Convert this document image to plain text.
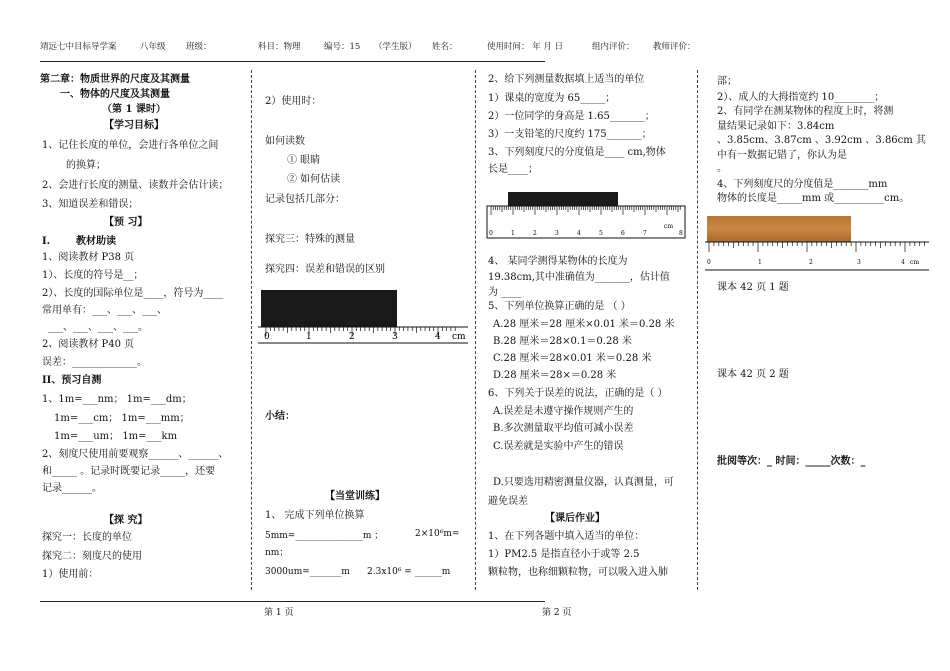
靖远七中目标导学案	八年级 班级：	科目：物理	编号：15 （学生版） 姓名：	使用时间： 年 月 日	组内评价： 教师评价：
第二章：物质世界的尺度及其测量
一、物体的尺度及其测量
（第 1 课时）
【学习目标】
1、记住长度的单位，会进行各单位之间
的换算；
2、会进行长度的测量、读数并会估计读；
3、知道误差和错误；
【预 习】
I.	教材助读
1、阅读教材 P38 页
1）、长度的符号是__；
2）、长度的国际单位是____，符号为____
常用单有：___、___、___、
___、___、___、___。
2、阅读教材 P40 页
误差：_____________。
II、预习自测
1、1m=___nm； 1m=___dm；
1m=___cm； 1m=___mm；
1m=___um； 1m=___km
2、刻度尺使用前要观察______、______、
和_____ 。记录时既要记录_____，还要
记录______。
【探 究】
探究一：长度的单位
探究二：刻度尺的使用
1）使用前：
2）使用时：
如何读数
① 眼睛
② 如何估读
记录包括几部分：
探究三：特殊的测量
探究四：误差和错误的区别
0	1	2	3	4 cm
小结：
【当堂训练】
1、 完成下列单位换算
5mm=_______________m ；	2×10⁶m=
nm；
3000um=_______m 2.3x10⁶ = ______m
2、给下列测量数据填上适当的单位
1）课桌的宽度为 65_____；
2）一位同学的身高是 1.65_______；
3）一支铅笔的尺度约 175_______；
3、下列刻度尺的分度值是____ cm,物体
长是____；
0	1	2	3	4	5	6	7	8
cm
4、 某同学测得某物体的长度为
19.38cm,其中准确值为_______，估计值
为 ____
5、下列单位换算正确的是 （ ）
A.28 厘米＝28 厘米×0.01 米＝0.28 米
B.28 厘米＝28×0.1＝0.28 米
C.28 厘米＝28×0.01 米＝0.28 米
D.28 厘米＝28×＝0.28 米
6、下列关于误差的说法，正确的是（ ）
A.误差是未遵守操作规则产生的
B.多次测量取平均值可减小误差
C.误差就是实验中产生的错误
D.只要选用精密测量仪器，认真测量，可
避免误差
【课后作业】
1、在下列各题中填入适当的单位：
1）PM2.5 是指直径小于或等 2.5
颗粒物，也称细颗粒物，可以吸入进入肺
部；
2）、成人的大拇指宽约 10________；
2、有同学在测某物体的程度上时，将测
量结果记录如下：3.84cm
、3.85cm、3.87cm 、3.92cm 、3.86cm 其
中有一数据记错了，你认为是
。
4、下列刻度尺的分度值是_______mm
物体的长度是_____mm 或__________cm。
0	1	2	3	4 cm
课本 42 页 1 题
课本 42 页 2 题
批阅等次：_ 时间：_____次数：_
第 1 页	第 2 页
